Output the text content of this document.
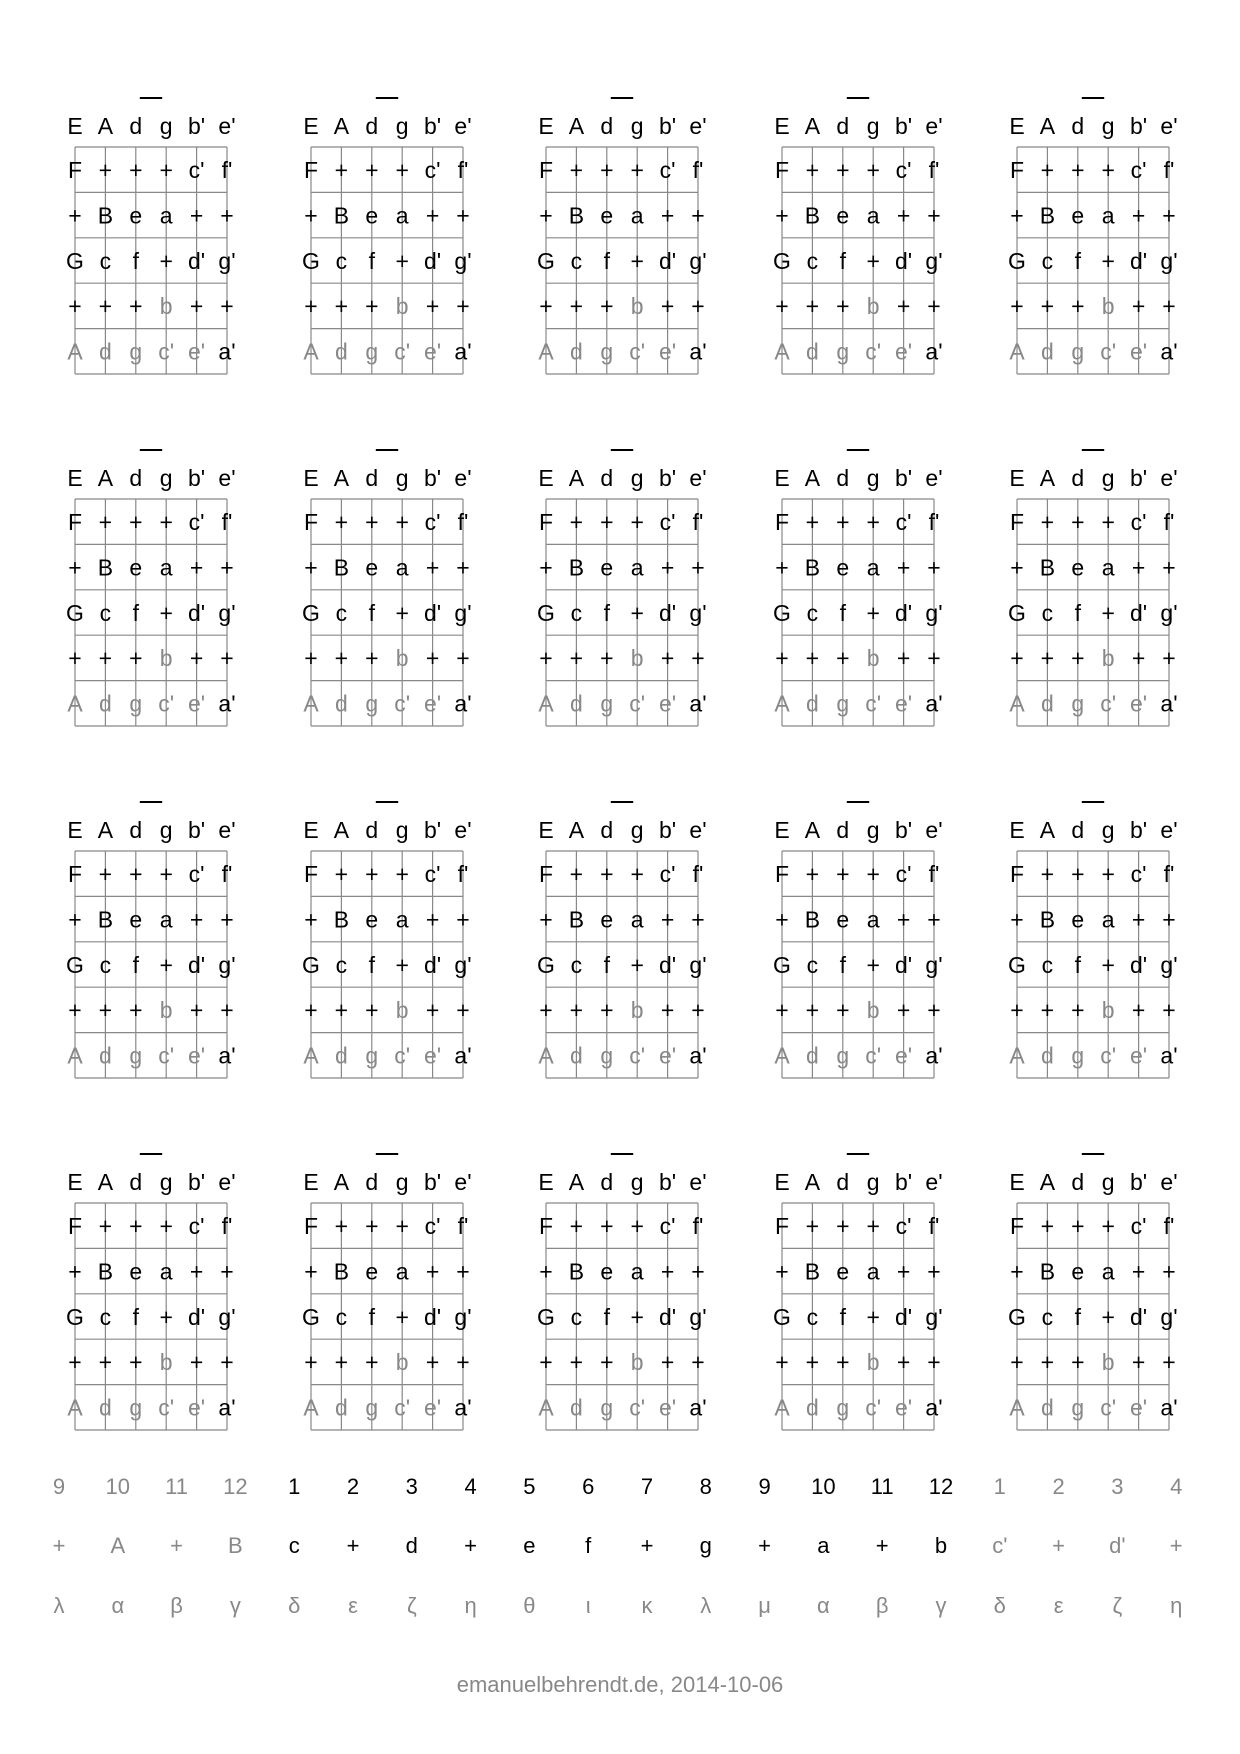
E A d g b' e'
F + + + c' f'
+ B e a + +
G c f + d' g'
+ + + b + +
A d g c' e' a'
E A d g b' e'
F + + + c' f'
+ B e a + +
G c f + d' g'
+ + + b + +
A d g c' e' a'
E A d g b' e'
F + + + c' f'
+ B e a + +
G c f + d' g'
+ + + b + +
A d g c' e' a'
E A d g b' e'
F + + + c' f'
+ B e a + +
G c f + d' g'
+ + + b + +
A d g c' e' a'
E A d g b' e'
F + + + c' f'
+ B e a + +
G c f + d' g'
+ + + b + +
A d g c' e' a'
E A d g b' e'
F + + + c' f'
+ B e a + +
G c f + d' g'
+ + + b + +
A d g c' e' a'
E A d g b' e'
F + + + c' f'
+ B e a + +
G c f + d' g'
+ + + b + +
A d g c' e' a'
E A d g b' e'
F + + + c' f'
+ B e a + +
G c f + d' g'
+ + + b + +
A d g c' e' a'
E A d g b' e'
F + + + c' f'
+ B e a + +
G c f + d' g'
+ + + b + +
A d g c' e' a'
E A d g b' e'
F + + + c' f'
+ B e a + +
G c f + d' g'
+ + + b + +
A d g c' e' a'
E A d g b' e'
F + + + c' f'
+ B e a + +
G c f + d' g'
+ + + b + +
A d g c' e' a'
E A d g b' e'
F + + + c' f'
+ B e a + +
G c f + d' g'
+ + + b + +
A d g c' e' a'
E A d g b' e'
F + + + c' f'
+ B e a + +
G c f + d' g'
+ + + b + +
A d g c' e' a'
E A d g b' e'
F + + + c' f'
+ B e a + +
G c f + d' g'
+ + + b + +
A d g c' e' a'
E A d g b' e'
F + + + c' f'
+ B e a + +
G c f + d' g'
+ + + b + +
A d g c' e' a'
E A d g b' e'
F + + + c' f'
+ B e a + +
G c f + d' g'
+ + + b + +
A d g c' e' a'
E A d g b' e'
F + + + c' f'
+ B e a + +
G c f + d' g'
+ + + b + +
A d g c' e' a'
E A d g b' e'
F + + + c' f'
+ B e a + +
G c f + d' g'
+ + + b + +
A d g c' e' a'
E A d g b' e'
F + + + c' f'
+ B e a + +
G c f + d' g'
+ + + b + +
A d g c' e' a'
E A d g b' e'
F + + + c' f'
+ B e a + +
G c f + d' g'
+ + + b + +
A d g c' e' a'
9	10	11	12	1	2	3	4	5	6	7	8	9	10	11	12	1	2	3	4
+	A	+	B	c	+	d	+	e	f	+	g	+	a	+	b	c'	+	d'	+
λ	α	β	γ	δ	ε	ζ	η	θ	ι	κ	λ	μ	α	β	γ	δ	ε	ζ	η
emanuelbehrendt.de, 2014-10-06
